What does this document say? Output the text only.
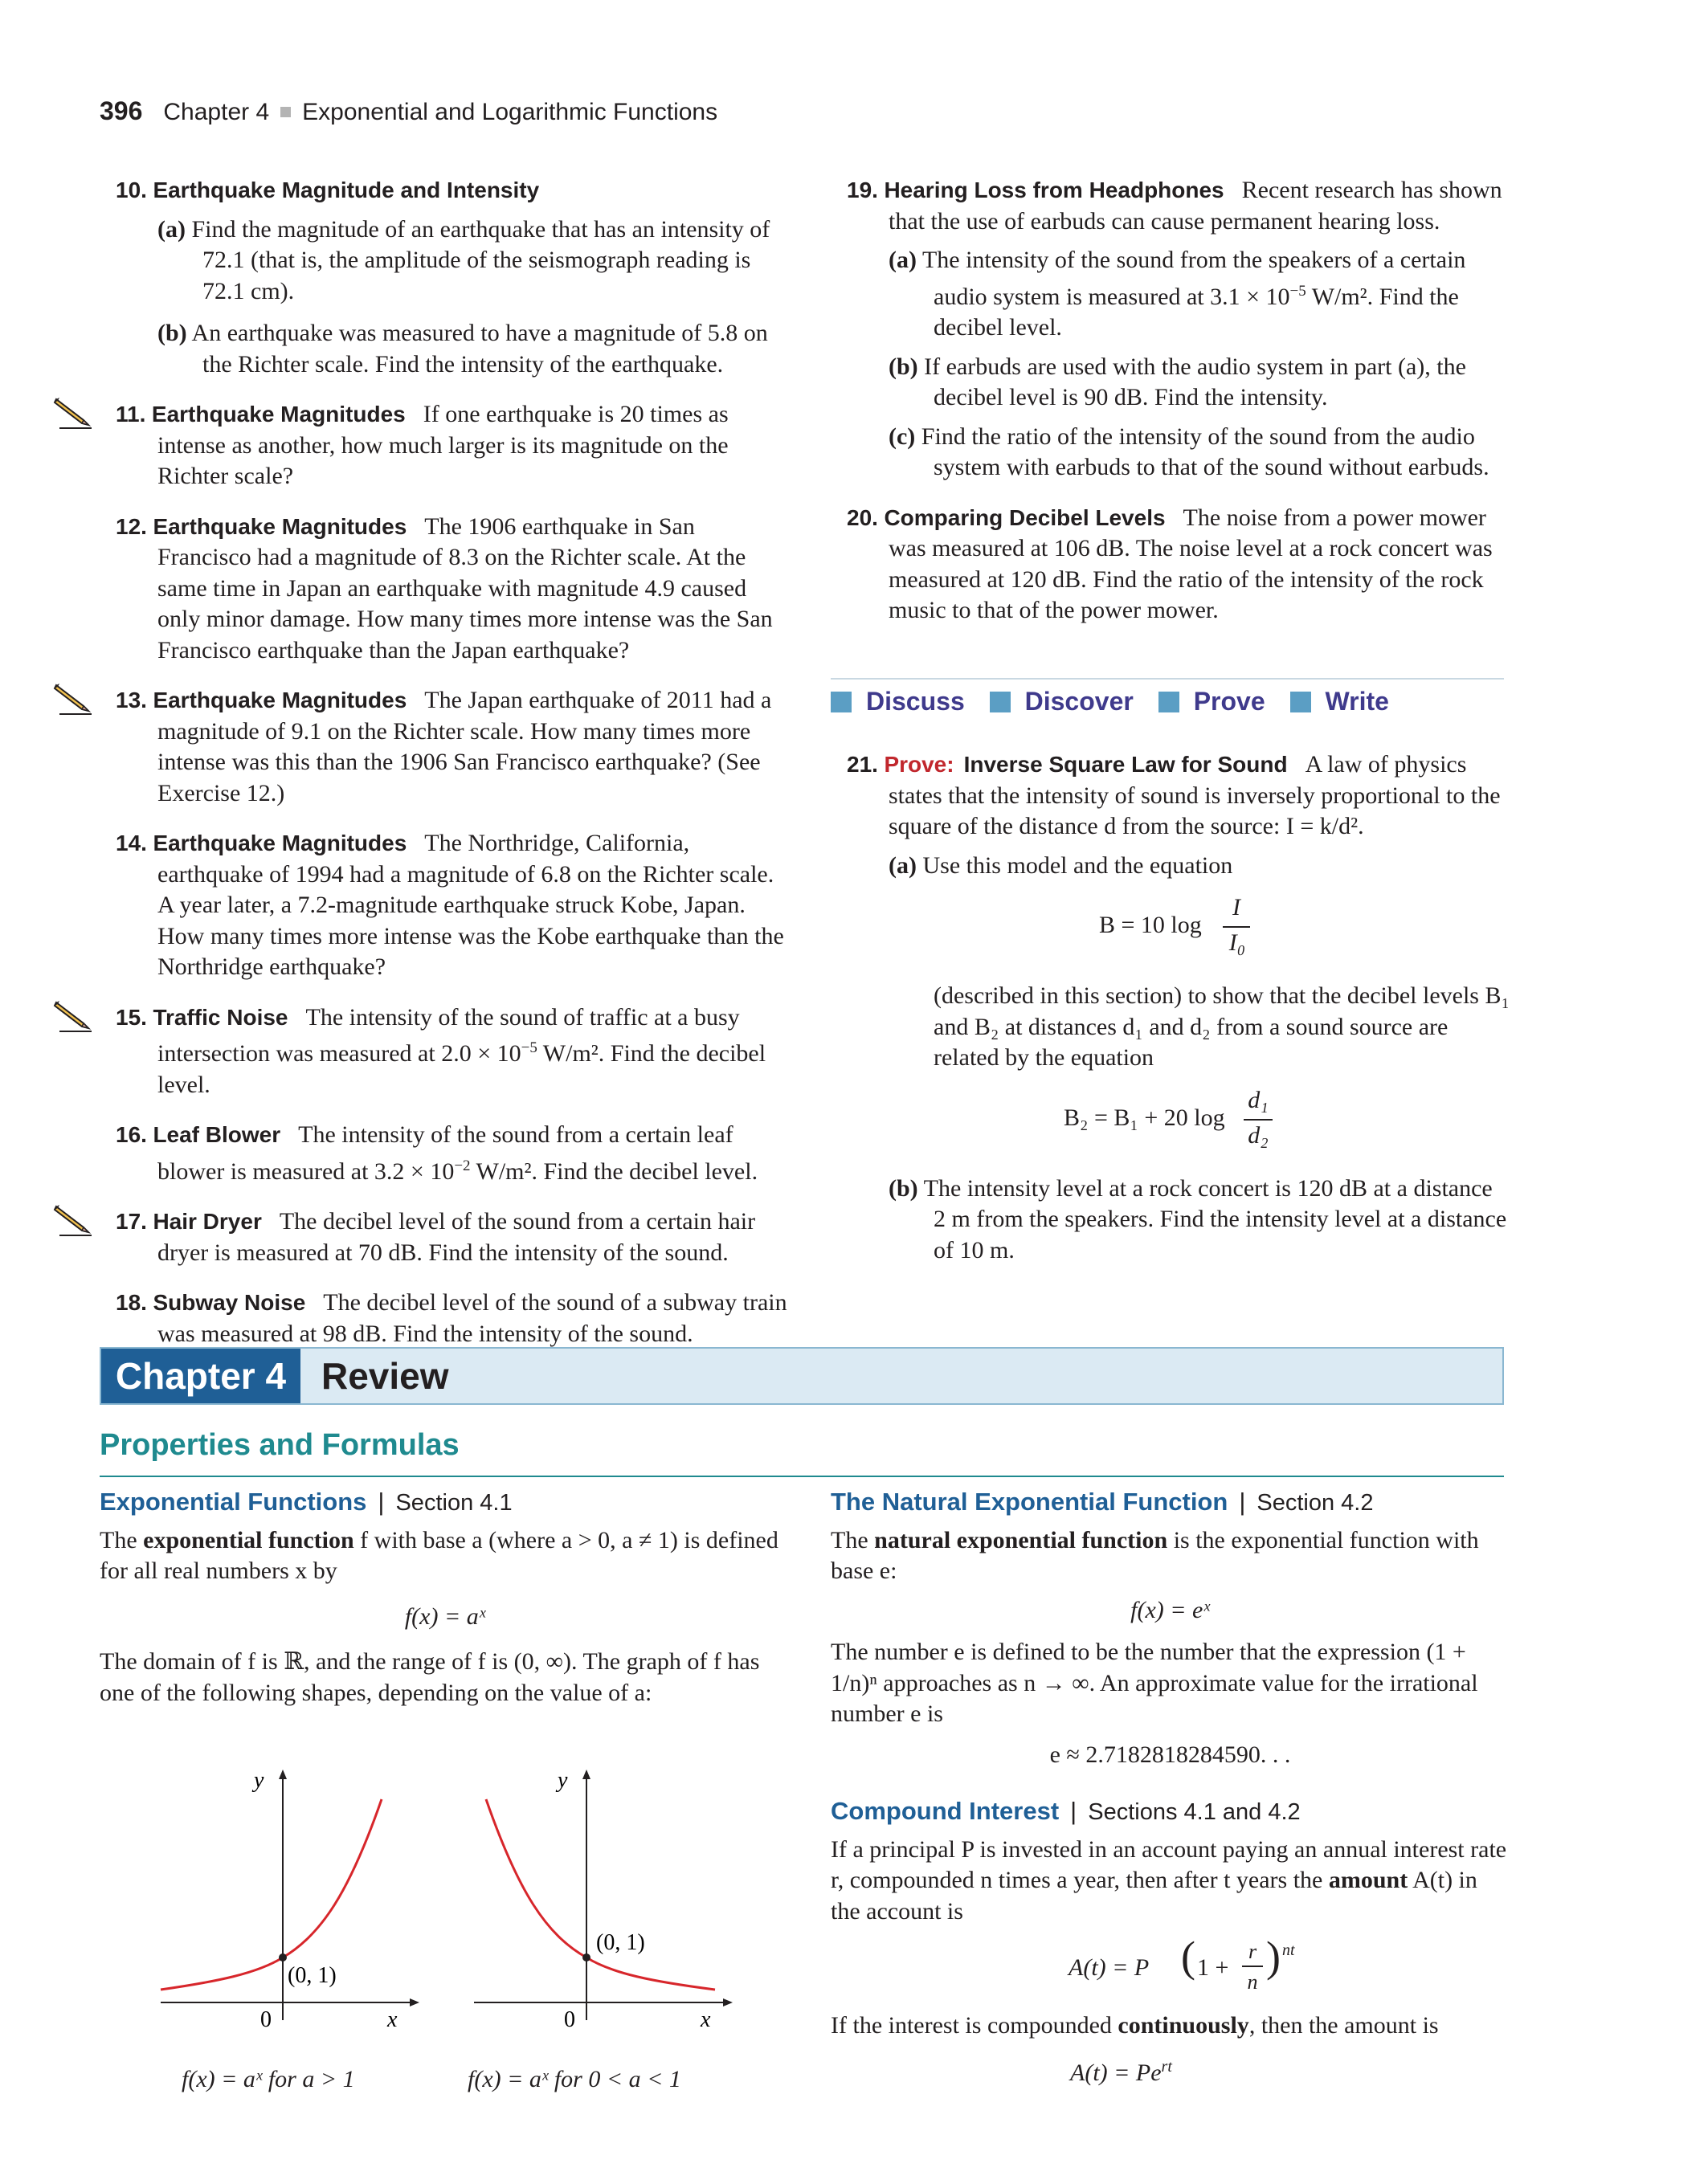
396 Chapter 4 Exponential and Logarithmic Functions
10. Earthquake Magnitude and Intensity
(a) Find the magnitude of an earthquake that has an intensity of 72.1 (that is, the amplitude of the seismograph reading is 72.1 cm).
(b) An earthquake was measured to have a magnitude of 5.8 on the Richter scale. Find the intensity of the earthquake.
11. Earthquake Magnitudes If one earthquake is 20 times as intense as another, how much larger is its magnitude on the Richter scale?
12. Earthquake Magnitudes The 1906 earthquake in San Francisco had a magnitude of 8.3 on the Richter scale. At the same time in Japan an earthquake with magnitude 4.9 caused only minor damage. How many times more intense was the San Francisco earthquake than the Japan earthquake?
13. Earthquake Magnitudes The Japan earthquake of 2011 had a magnitude of 9.1 on the Richter scale. How many times more intense was this than the 1906 San Francisco earthquake? (See Exercise 12.)
14. Earthquake Magnitudes The Northridge, California, earthquake of 1994 had a magnitude of 6.8 on the Richter scale. A year later, a 7.2-magnitude earthquake struck Kobe, Japan. How many times more intense was the Kobe earthquake than the Northridge earthquake?
15. Traffic Noise The intensity of the sound of traffic at a busy intersection was measured at $2.0 \times 10^{-5}$ W/m². Find the decibel level.
16. Leaf Blower The intensity of the sound from a certain leaf blower is measured at $3.2 \times 10^{-2}$ W/m². Find the decibel level.
17. Hair Dryer The decibel level of the sound from a certain hair dryer is measured at 70 dB. Find the intensity of the sound.
18. Subway Noise The decibel level of the sound of a subway train was measured at 98 dB. Find the intensity of the sound.
19. Hearing Loss from Headphones Recent research has shown that the use of earbuds can cause permanent hearing loss.
(a) The intensity of the sound from the speakers of a certain audio system is measured at $3.1 \times 10^{-5}$ W/m². Find the decibel level.
(b) If earbuds are used with the audio system in part (a), the decibel level is 90 dB. Find the intensity.
(c) Find the ratio of the intensity of the sound from the audio system with earbuds to that of the sound without earbuds.
20. Comparing Decibel Levels The noise from a power mower was measured at 106 dB. The noise level at a rock concert was measured at 120 dB. Find the ratio of the intensity of the rock music to that of the power mower.
Discuss Discover Prove Write
21. Prove: Inverse Square Law for Sound A law of physics states that the intensity of sound is inversely proportional to the square of the distance d from the source: I = k/d².
(a) Use this model and the equation
B = 10 log
I
I₀
(described in this section) to show that the decibel levels B₁ and B₂ at distances d₁ and d₂ from a sound source are related by the equation
B₂ = B₁ + 20 log
d₁
d₂
(b) The intensity level at a rock concert is 120 dB at a distance 2 m from the speakers. Find the intensity level at a distance of 10 m.
Chapter 4 Review
Properties and Formulas
Exponential Functions | Section 4.1
The exponential function f with base a (where a > 0, a ≠ 1) is defined for all real numbers x by
f(x) = aˣ
The domain of f is ℝ, and the range of f is (0, ∞). The graph of f has one of the following shapes, depending on the value of a:
(0, 1)
0	x
y
f(x) = aˣ for a > 1
(0, 1)
0	x
y
f(x) = aˣ for 0 < a < 1
The Natural Exponential Function | Section 4.2
The natural exponential function is the exponential function with base e:
f(x) = eˣ
The number e is defined to be the number that the expression (1 + 1/n)ⁿ approaches as n → ∞. An approximate value for the irrational number e is
e ≈ 2.7182818284590. . .
Compound Interest | Sections 4.1 and 4.2
If a principal P is invested in an account paying an annual interest rate r, compounded n times a year, then after t years the amount A(t) in the account is
A(t) = P ( 1 +
r
n
) nt
If the interest is compounded continuously, then the amount is
$A(t) = Pe^{rt}$
